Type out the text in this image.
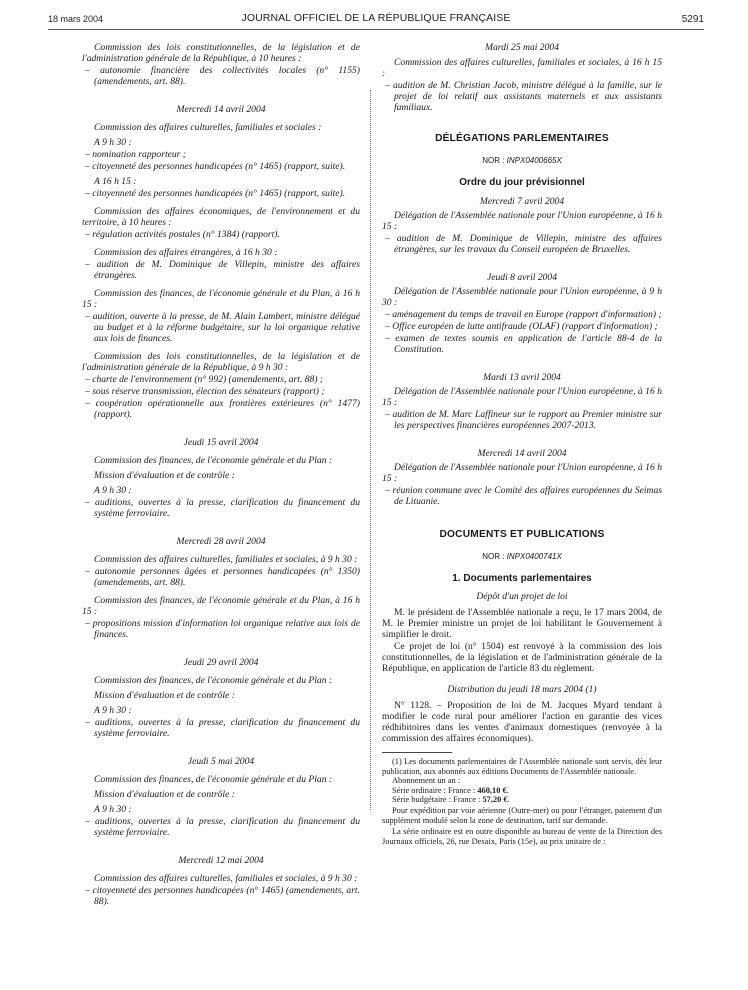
18 mars 2004	JOURNAL OFFICIEL DE LA RÉPUBLIQUE FRANÇAISE	5291

Commission des lois constitutionnelles, de la législation et de l'administration générale de la République, à 10 heures :

– autonomie financière des collectivités locales (n° 1155) (amendements, art. 88).

Mercredi 14 avril 2004

Commission des affaires culturelles, familiales et sociales :

A 9 h 30 :

– nomination rapporteur ;

– citoyenneté des personnes handicapées (n° 1465) (rapport, suite).

A 16 h 15 :

– citoyenneté des personnes handicapées (n° 1465) (rapport, suite).

Commission des affaires économiques, de l'environnement et du territoire, à 10 heures :

– régulation activités postales (n° 1384) (rapport).

Commission des affaires étrangères, à 16 h 30 :

– audition de M. Dominique de Villepin, ministre des affaires étrangères.

Commission des finances, de l'économie générale et du Plan, à 16 h 15 :

– audition, ouverte à la presse, de M. Alain Lambert, ministre délégué au budget et à la réforme budgétaire, sur la loi organique relative aux lois de finances.

Commission des lois constitutionnelles, de la législation et de l'administration générale de la République, à 9 h 30 :

– charte de l'environnement (n° 992) (amendements, art. 88) ;

– sous réserve transmission, élection des sénateurs (rapport) ;

– coopération opérationnelle aux frontières extérieures (n° 1477) (rapport).

Jeudi 15 avril 2004

Commission des finances, de l'économie générale et du Plan :

Mission d'évaluation et de contrôle :

A 9 h 30 :

– auditions, ouvertes à la presse, clarification du financement du système ferroviaire.

Mercredi 28 avril 2004

Commission des affaires culturelles, familiales et sociales, à 9 h 30 :

– autonomie personnes âgées et personnes handicapées (n° 1350) (amendements, art. 88).

Commission des finances, de l'économie générale et du Plan, à 16 h 15 :

– propositions mission d'information loi organique relative aux lois de finances.

Jeudi 29 avril 2004

Commission des finances, de l'économie générale et du Plan :

Mission d'évaluation et de contrôle :

A 9 h 30 :

– auditions, ouvertes à la presse, clarification du financement du système ferroviaire.

Jeudi 5 mai 2004

Commission des finances, de l'économie générale et du Plan :

Mission d'évaluation et de contrôle :

A 9 h 30 :

– auditions, ouvertes à la presse, clarification du financement du système ferroviaire.

Mercredi 12 mai 2004

Commission des affaires culturelles, familiales et sociales, à 9 h 30 :

– citoyenneté des personnes handicapées (n° 1465) (amendements, art. 88).

Mardi 25 mai 2004

Commission des affaires culturelles, familiales et sociales, à 16 h 15 :

– audition de M. Christian Jacob, ministre délégué à la famille, sur le projet de loi relatif aux assistants maternels et aux assistants familiaux.

DÉLÉGATIONS PARLEMENTAIRES

NOR : INPX0400665X

Ordre du jour prévisionnel

Mercredi 7 avril 2004

Délégation de l'Assemblée nationale pour l'Union européenne, à 16 h 15 :

– audition de M. Dominique de Villepin, ministre des affaires étrangères, sur les travaux du Conseil européen de Bruxelles.

Jeudi 8 avril 2004

Délégation de l'Assemblée nationale pour l'Union européenne, à 9 h 30 :

– aménagement du temps de travail en Europe (rapport d'information) ;

– Office européen de lutte antifraude (OLAF) (rapport d'information) ;

– examen de textes soumis en application de l'article 88-4 de la Constitution.

Mardi 13 avril 2004

Délégation de l'Assemblée nationale pour l'Union européenne, à 16 h 15 :

– audition de M. Marc Laffineur sur le rapport au Premier ministre sur les perspectives financières européennes 2007-2013.

Mercredi 14 avril 2004

Délégation de l'Assemblée nationale pour l'Union européenne, à 16 h 15 :

– réunion commune avec le Comité des affaires européennes du Seimas de Lituanie.

DOCUMENTS ET PUBLICATIONS

NOR : INPX0400741X

1. Documents parlementaires

Dépôt d'un projet de loi

M. le président de l'Assemblée nationale a reçu, le 17 mars 2004, de M. le Premier ministre un projet de loi habilitant le Gouvernement à simplifier le droit.

Ce projet de loi (n° 1504) est renvoyé à la commission des lois constitutionnelles, de la législation et de l'administration générale de la République, en application de l'article 83 du règlement.

Distribution du jeudi 18 mars 2004 (1)

N° 1128. – Proposition de loi de M. Jacques Myard tendant à modifier le code rural pour améliorer l'action en garantie des vices rédhibitoires dans les ventes d'animaux domestiques (renvoyée à la commission des affaires économiques).

(1) Les documents parlementaires de l'Assemblée nationale sont servis, dès leur publication, aux abonnés aux éditions Documents de l'Assemblée nationale.

Abonnement un an :

Série ordinaire : France : 460,10 €.

Série budgétaire : France : 57,20 €.

Pour expédition par voie aérienne (Outre-mer) ou pour l'étranger, paiement d'un supplément modulé selon la zone de destination, tarif sur demande.

La série ordinaire est en outre disponible au bureau de vente de la Direction des Journaux officiels, 26, rue Desaix, Paris (15e), au prix unitaire de :
